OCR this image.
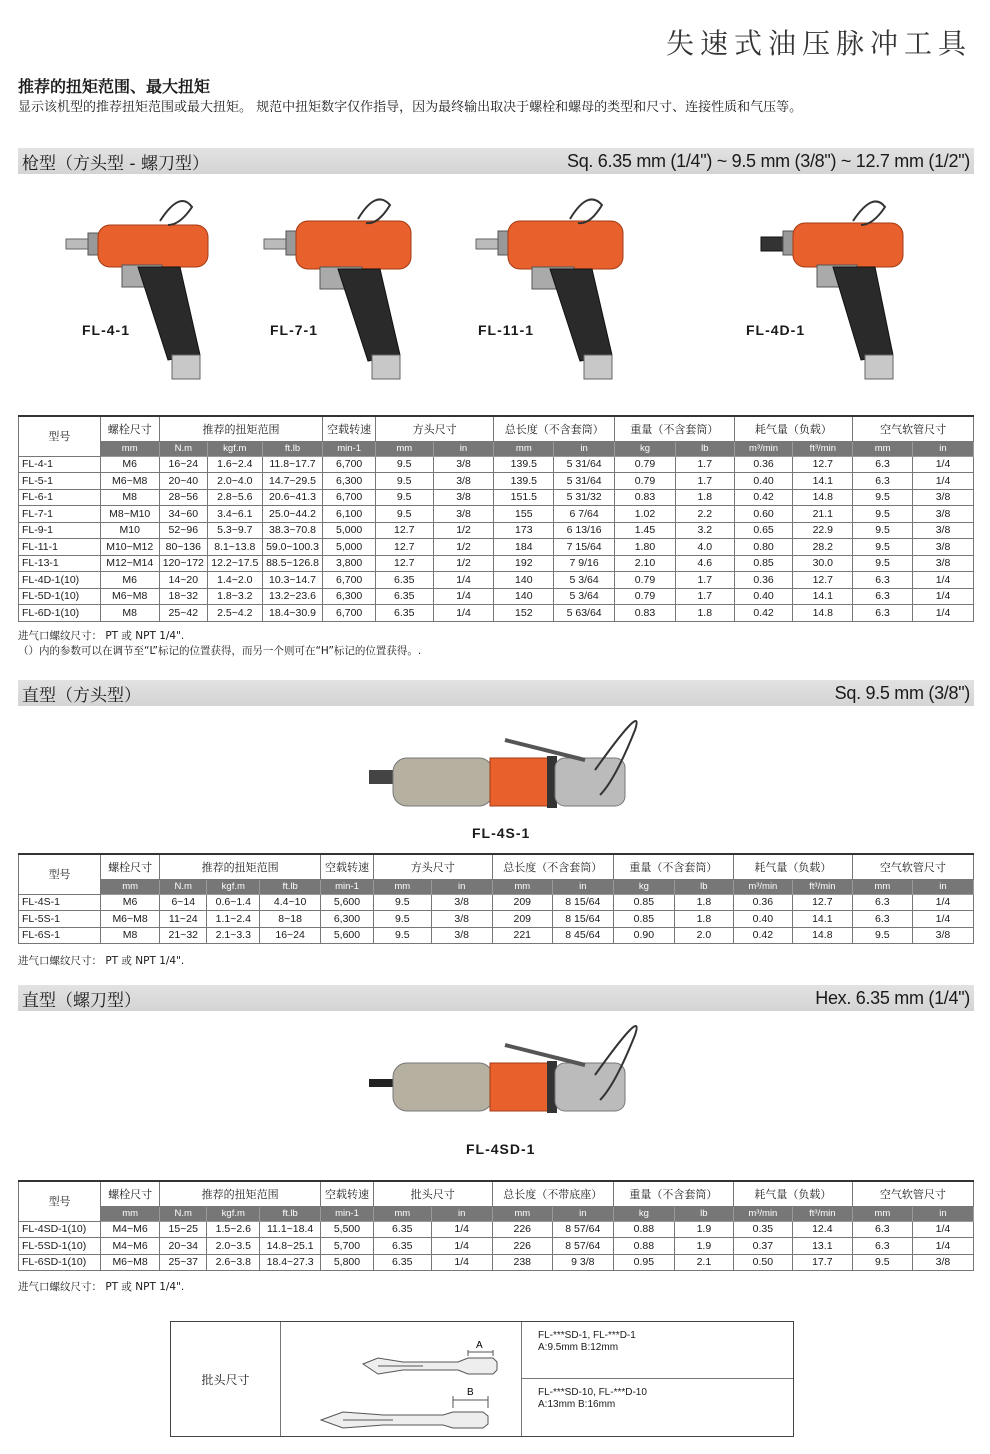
失速式油压脉冲工具
推荐的扭矩范围、最大扭矩
显示该机型的推荐扭矩范围或最大扭矩。 规范中扭矩数字仅作指导，因为最终输出取决于螺栓和螺母的类型和尺寸、连接性质和气压等。
枪型（方头型 - 螺刀型）	Sq. 6.35 mm (1/4") ~ 9.5 mm (3/8") ~ 12.7 mm (1/2")
FL-4-1	FL-7-1	FL-11-1	FL-4D-1
型号	螺栓尺寸	推荐的扭矩范围			空载转速	方头尺寸		总长度（不含套筒）		重量（不含套筒）		耗气量（负载）		空气软管尺寸	
	mm	N.m	kgf.m	ft.lb	min-1	mm	in	mm	in	kg	lb	m³/min	ft³/min	mm	in
FL-4-1	M6	16~24	1.6~2.4	11.8~17.7	6,700	9.5	3/8	139.5	5 31/64	0.79	1.7	0.36	12.7	6.3	1/4
FL-5-1	M6~M8	20~40	2.0~4.0	14.7~29.5	6,300	9.5	3/8	139.5	5 31/64	0.79	1.7	0.40	14.1	6.3	1/4
FL-6-1	M8	28~56	2.8~5.6	20.6~41.3	6,700	9.5	3/8	151.5	5 31/32	0.83	1.8	0.42	14.8	9.5	3/8
FL-7-1	M8~M10	34~60	3.4~6.1	25.0~44.2	6,100	9.5	3/8	155	6 7/64	1.02	2.2	0.60	21.1	9.5	3/8
FL-9-1	M10	52~96	5.3~9.7	38.3~70.8	5,000	12.7	1/2	173	6 13/16	1.45	3.2	0.65	22.9	9.5	3/8
FL-11-1	M10~M12	80~136	8.1~13.8	59.0~100.3	5,000	12.7	1/2	184	7 15/64	1.80	4.0	0.80	28.2	9.5	3/8
FL-13-1	M12~M14	120~172	12.2~17.5	88.5~126.8	3,800	12.7	1/2	192	7 9/16	2.10	4.6	0.85	30.0	9.5	3/8
FL-4D-1(10)	M6	14~20	1.4~2.0	10.3~14.7	6,700	6.35	1/4	140	5 3/64	0.79	1.7	0.36	12.7	6.3	1/4
FL-5D-1(10)	M6~M8	18~32	1.8~3.2	13.2~23.6	6,300	6.35	1/4	140	5 3/64	0.79	1.7	0.40	14.1	6.3	1/4
FL-6D-1(10)	M8	25~42	2.5~4.2	18.4~30.9	6,700	6.35	1/4	152	5 63/64	0.83	1.8	0.42	14.8	6.3	1/4
进气口螺纹尺寸： PT 或 NPT 1/4".
（）内的参数可以在调节至“L”标记的位置获得，而另一个则可在“H”标记的位置获得。.
直型（方头型）	Sq. 9.5 mm (3/8")
FL-4S-1
型号	螺栓尺寸	推荐的扭矩范围			空载转速	方头尺寸		总长度（不含套筒）		重量（不含套筒）		耗气量（负载）		空气软管尺寸	
	mm	N.m	kgf.m	ft.lb	min-1	mm	in	mm	in	kg	lb	m³/min	ft³/min	mm	in
FL-4S-1	M6	6~14	0.6~1.4	4.4~10	5,600	9.5	3/8	209	8 15/64	0.85	1.8	0.36	12.7	6.3	1/4
FL-5S-1	M6~M8	11~24	1.1~2.4	8~18	6,300	9.5	3/8	209	8 15/64	0.85	1.8	0.40	14.1	6.3	1/4
FL-6S-1	M8	21~32	2.1~3.3	16~24	5,600	9.5	3/8	221	8 45/64	0.90	2.0	0.42	14.8	9.5	3/8
进气口螺纹尺寸： PT 或 NPT 1/4".
直型（螺刀型）	Hex. 6.35 mm (1/4")
FL-4SD-1
型号	螺栓尺寸	推荐的扭矩范围			空载转速	批头尺寸		总长度（不带底座）		重量（不含套筒）		耗气量（负载）		空气软管尺寸	
	mm	N.m	kgf.m	ft.lb	min-1	mm	in	mm	in	kg	lb	m³/min	ft³/min	mm	in
FL-4SD-1(10)	M4~M6	15~25	1.5~2.6	11.1~18.4	5,500	6.35	1/4	226	8 57/64	0.88	1.9	0.35	12.4	6.3	1/4
FL-5SD-1(10)	M4~M6	20~34	2.0~3.5	14.8~25.1	5,700	6.35	1/4	226	8 57/64	0.88	1.9	0.37	13.1	6.3	1/4
FL-6SD-1(10)	M6~M8	25~37	2.6~3.8	18.4~27.3	5,800	6.35	1/4	238	9 3/8	0.95	2.1	0.50	17.7	9.5	3/8
进气口螺纹尺寸： PT 或 NPT 1/4".
批头尺寸
A
B
FL-***SD-1, FL-***D-1
A:9.5mm B:12mm
FL-***SD-10, FL-***D-10
A:13mm B:16mm
